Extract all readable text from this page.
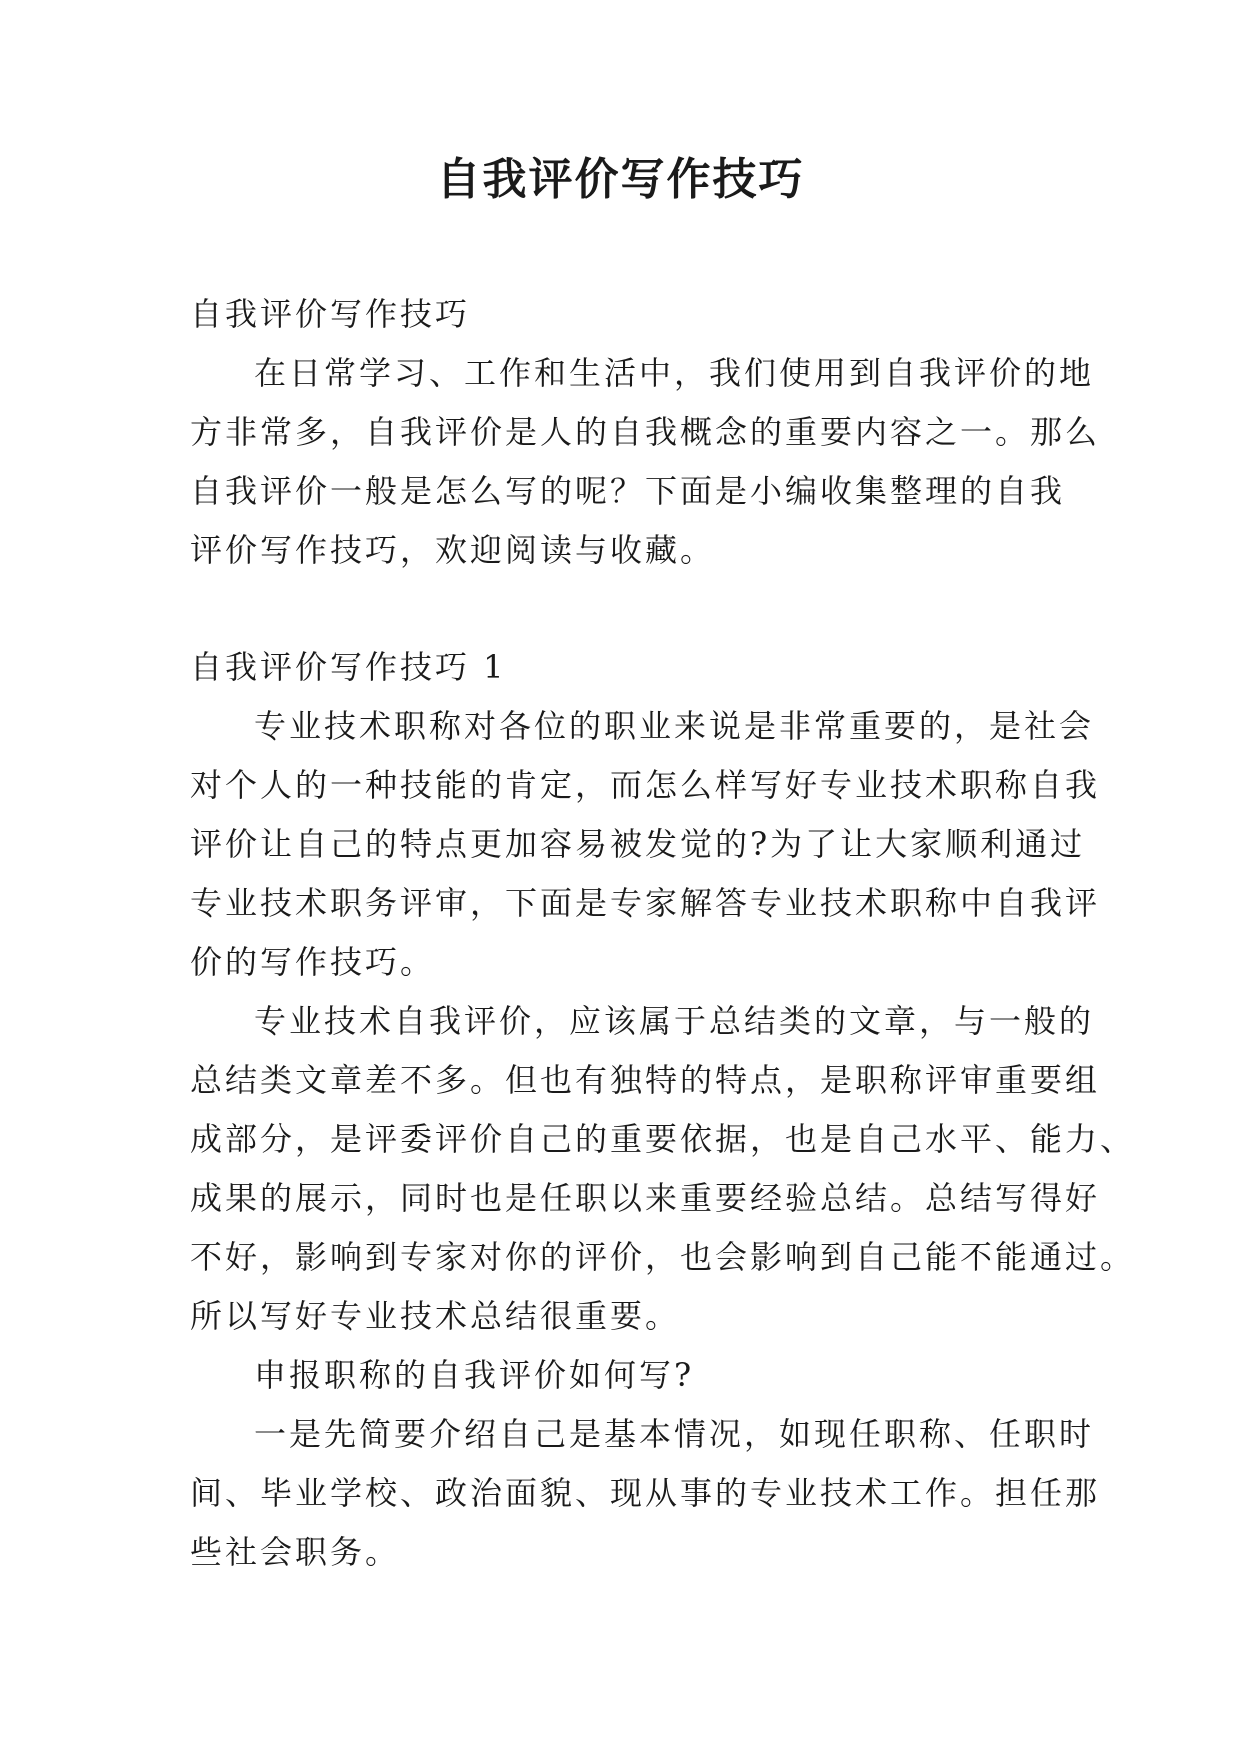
自我评价写作技巧
自我评价写作技巧
在日常学习、工作和生活中，我们使用到自我评价的地
方非常多，自我评价是人的自我概念的重要内容之一。那么
自我评价一般是怎么写的呢？下面是小编收集整理的自我
评价写作技巧，欢迎阅读与收藏。
自我评价写作技巧 1
专业技术职称对各位的职业来说是非常重要的，是社会
对个人的一种技能的肯定，而怎么样写好专业技术职称自我
评价让自己的特点更加容易被发觉的?为了让大家顺利通过
专业技术职务评审，下面是专家解答专业技术职称中自我评
价的写作技巧。
专业技术自我评价，应该属于总结类的文章，与一般的
总结类文章差不多。但也有独特的特点，是职称评审重要组
成部分，是评委评价自己的重要依据，也是自己水平、能力、
成果的展示，同时也是任职以来重要经验总结。总结写得好
不好，影响到专家对你的评价，也会影响到自己能不能通过。
所以写好专业技术总结很重要。
申报职称的自我评价如何写?
一是先简要介绍自己是基本情况，如现任职称、任职时
间、毕业学校、政治面貌、现从事的专业技术工作。担任那
些社会职务。
